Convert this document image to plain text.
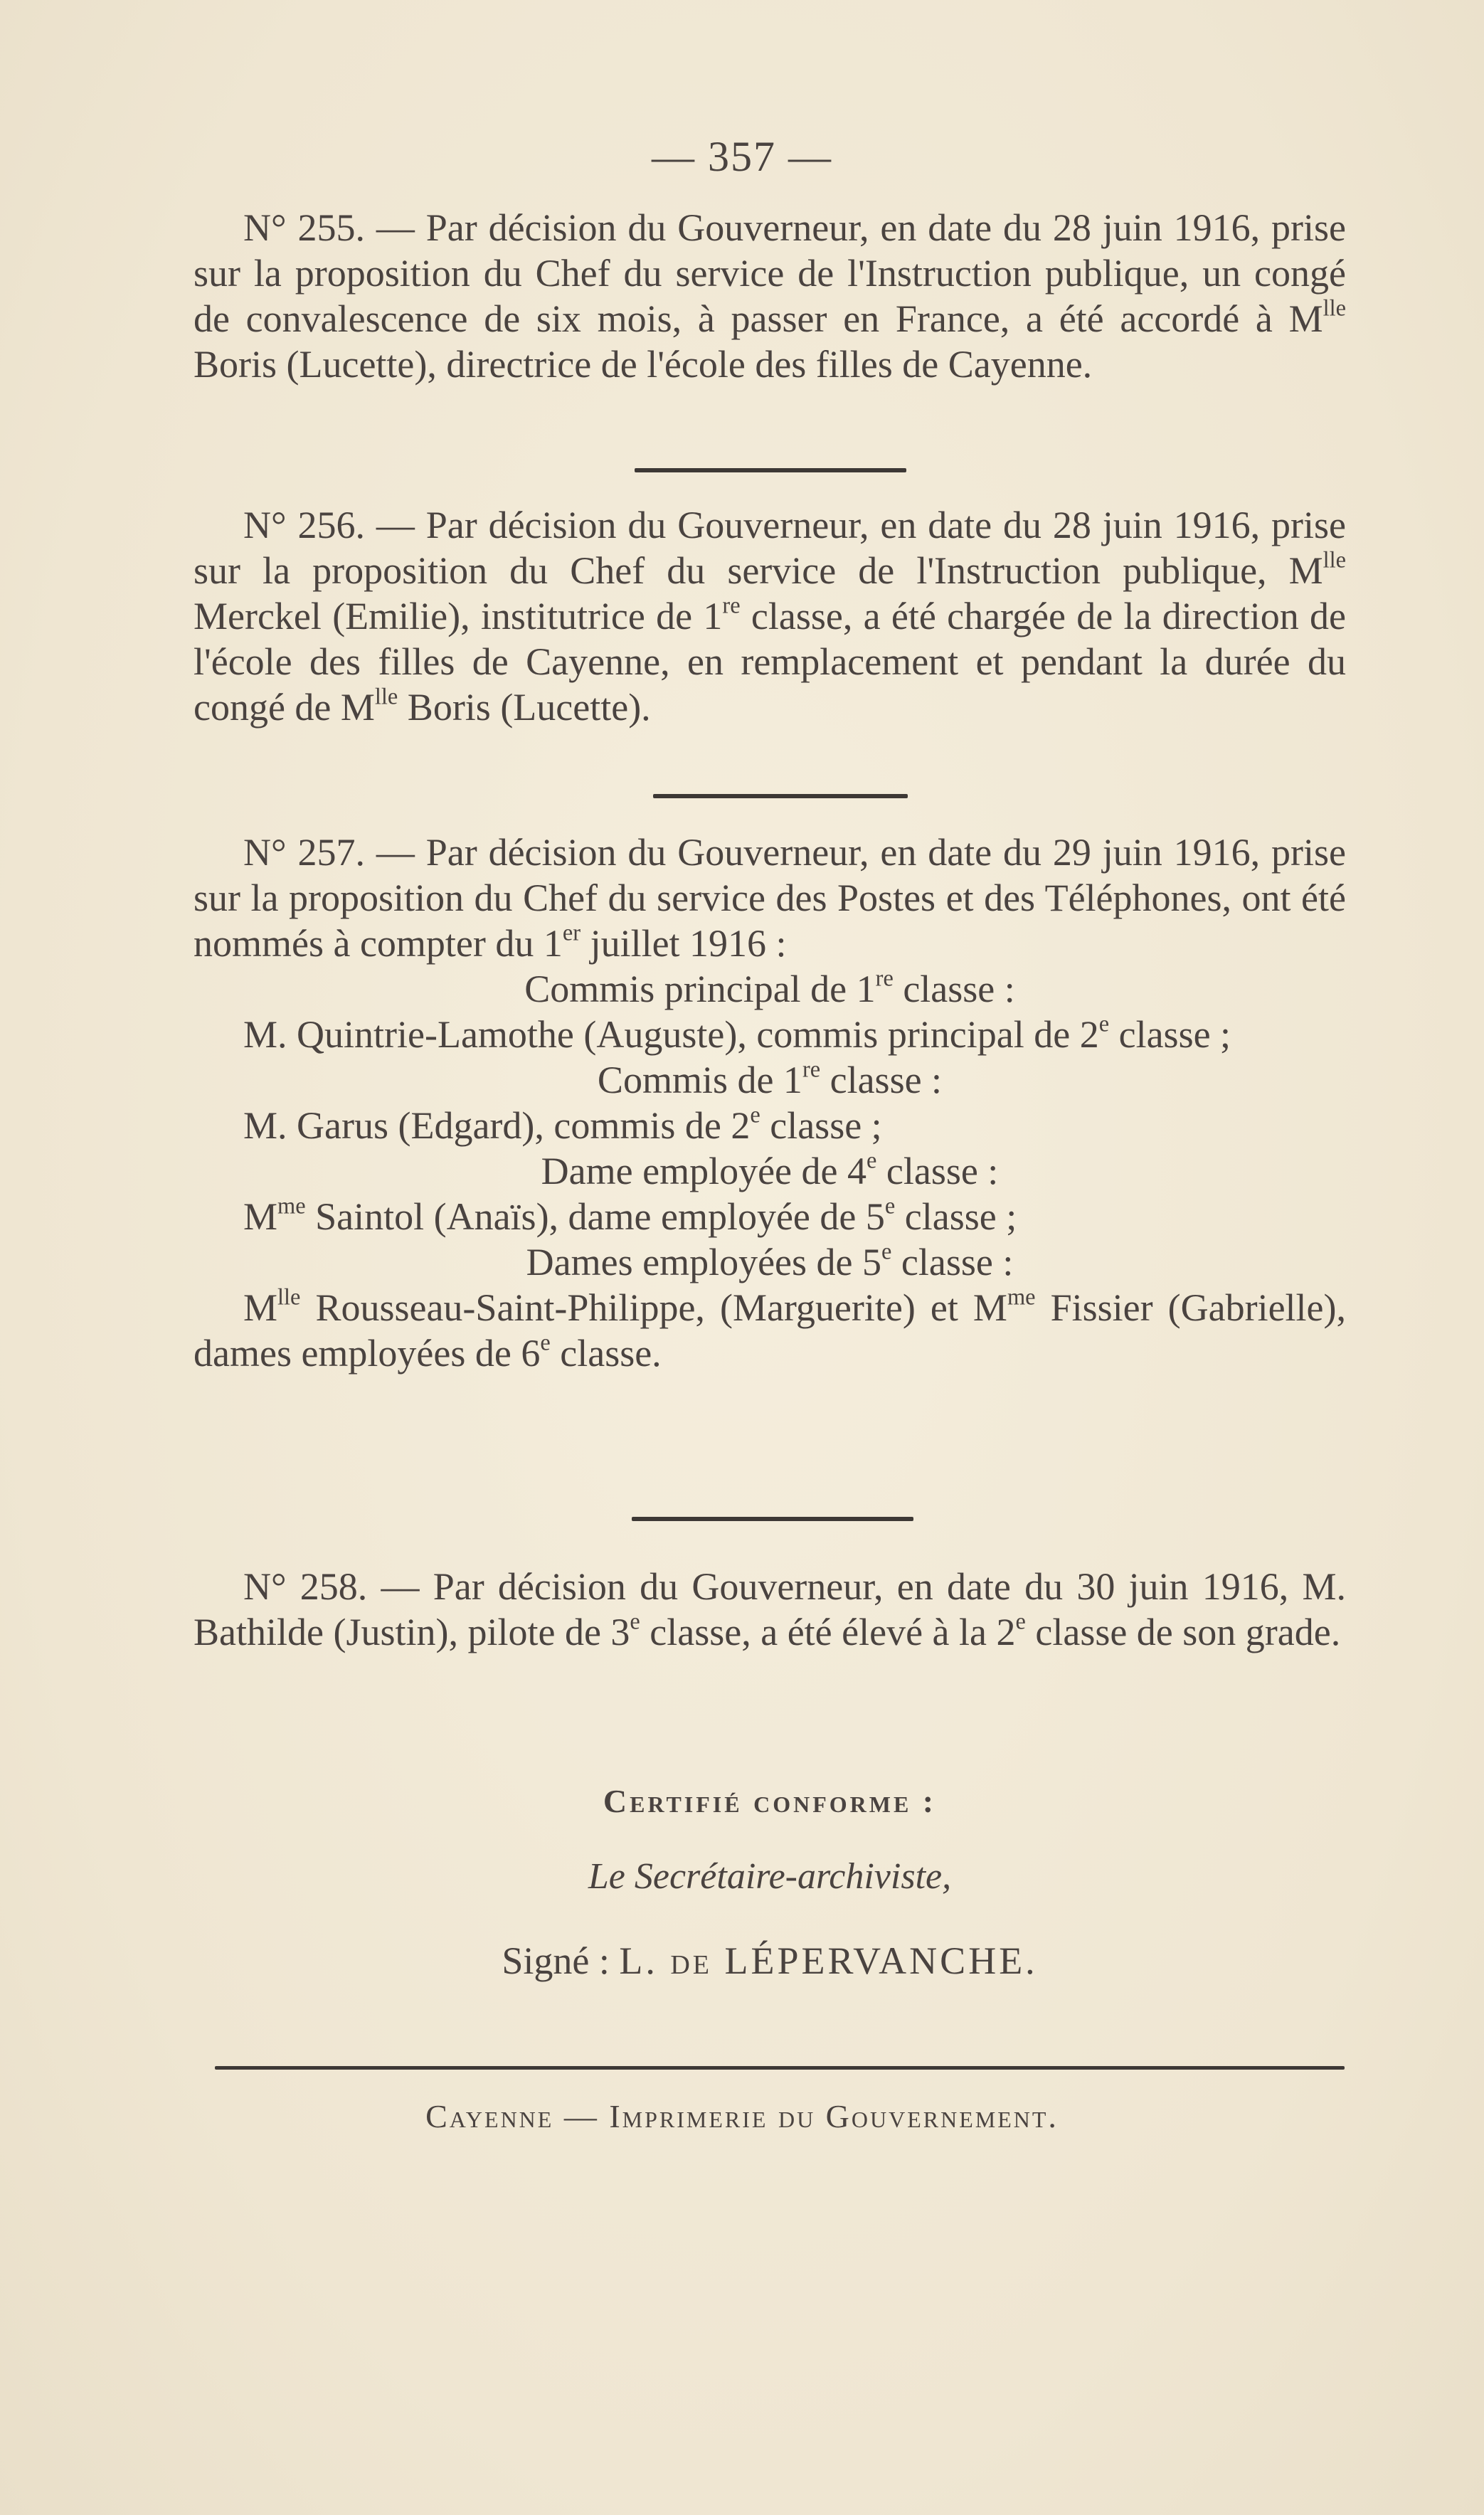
— 357 —

N° 255. — Par décision du Gouverneur, en date du 28 juin 1916, prise sur la proposition du Chef du service de l'Instruction publique, un congé de convalescence de six mois, à passer en France, a été accordé à $M^{lle}$ Boris (Lucette), directrice de l'école des filles de Cayenne.

N° 256. — Par décision du Gouverneur, en date du 28 juin 1916, prise sur la proposition du Chef du service de l'Instruction publique, $M^{lle}$ Merckel (Emilie), institutrice de 1re classe, a été chargée de la direction de l'école des filles de Cayenne, en remplacement et pendant la durée du congé de $M^{lle}$ Boris (Lucette).

N° 257. — Par décision du Gouverneur, en date du 29 juin 1916, prise sur la proposition du Chef du service des Postes et des Téléphones, ont été nommés à compter du 1er juillet 1916 :

Commis principal de 1re classe :

M. Quintrie-Lamothe (Auguste), commis principal de 2e classe ;

Commis de 1re classe :

M. Garus (Edgard), commis de 2e classe ;

Dame employée de 4e classe :

$M^{me}$ Saintol (Anaïs), dame employée de 5e classe ;

Dames employées de 5e classe :

$M^{lle}$ Rousseau-Saint-Philippe, (Marguerite) et $M^{me}$ Fissier (Gabrielle), dames employées de 6e classe.

N° 258. — Par décision du Gouverneur, en date du 30 juin 1916, M. Bathilde (Justin), pilote de 3e classe, a été élevé à la 2e classe de son grade.

Certifié conforme :
Le Secrétaire-archiviste,
Signé : L. de LÉPERVANCHE.
Cayenne — Imprimerie du Gouvernement.
